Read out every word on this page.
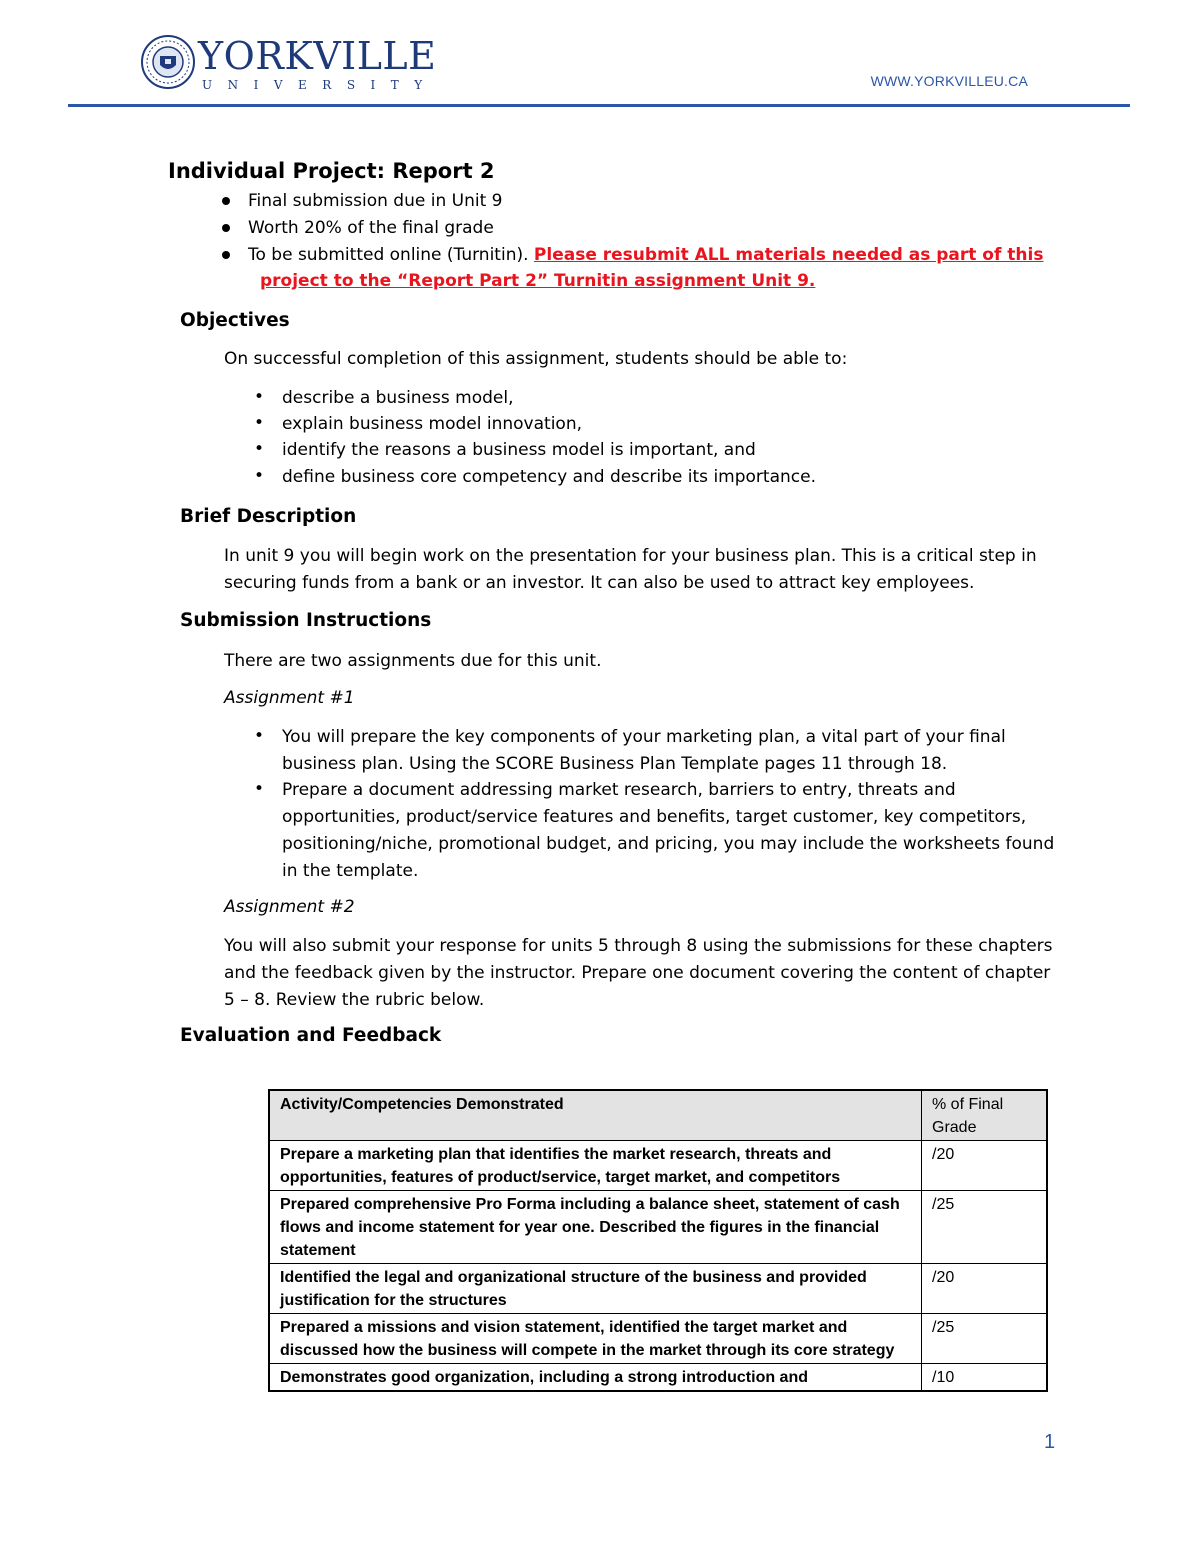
YORKVILLE
UNIVERSITY	WWW.YORKVILLEU.CA
Individual Project: Report 2
Final submission due in Unit 9
Worth 20% of the final grade
To be submitted online (Turnitin). Please resubmit ALL materials needed as part of this
project to the “Report Part 2” Turnitin assignment Unit 9.
Objectives
On successful completion of this assignment, students should be able to:
• describe a business model,
• explain business model innovation,
• identify the reasons a business model is important, and
• define business core competency and describe its importance.
Brief Description
In unit 9 you will begin work on the presentation for your business plan. This is a critical step in securing funds from a bank or an investor. It can also be used to attract key employees.
Submission Instructions
There are two assignments due for this unit.
Assignment #1
• You will prepare the key components of your marketing plan, a vital part of your final business plan. Using the SCORE Business Plan Template pages 11 through 18.
• Prepare a document addressing market research, barriers to entry, threats and opportunities, product/service features and benefits, target customer, key competitors, positioning/niche, promotional budget, and pricing, you may include the worksheets found in the template.
Assignment #2
You will also submit your response for units 5 through 8 using the submissions for these chapters and the feedback given by the instructor. Prepare one document covering the content of chapter 5 – 8. Review the rubric below.
Evaluation and Feedback
Activity/Competencies Demonstrated	% of Final Grade
Prepare a marketing plan that identifies the market research, threats and opportunities, features of product/service, target market, and competitors	/20
Prepared comprehensive Pro Forma including a balance sheet, statement of cash flows and income statement for year one. Described the figures in the financial statement	/25
Identified the legal and organizational structure of the business and provided justification for the structures	/20
Prepared a missions and vision statement, identified the target market and discussed how the business will compete in the market through its core strategy	/25
Demonstrates good organization, including a strong introduction and	/10
1
